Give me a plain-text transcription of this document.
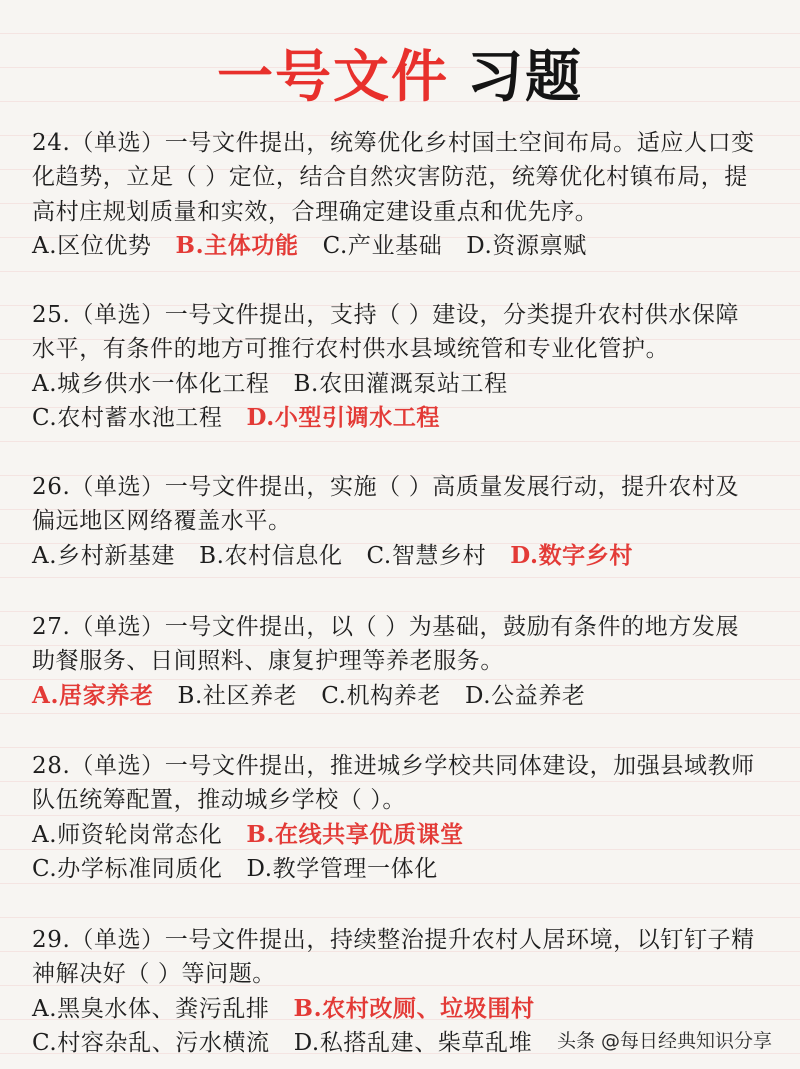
一号文件 习题
24.（单选）一号文件提出，统筹优化乡村国土空间布局。适应人口变
化趋势，立足（ ）定位，结合自然灾害防范，统筹优化村镇布局，提
高村庄规划质量和实效，合理确定建设重点和优先序。
A.区位优势 B.主体功能 C.产业基础 D.资源禀赋
25.（单选）一号文件提出，支持（ ）建设，分类提升农村供水保障
水平，有条件的地方可推行农村供水县域统管和专业化管护。
A.城乡供水一体化工程 B.农田灌溉泵站工程
C.农村蓄水池工程 D.小型引调水工程
26.（单选）一号文件提出，实施（ ）高质量发展行动，提升农村及
偏远地区网络覆盖水平。
A.乡村新基建 B.农村信息化 C.智慧乡村 D.数字乡村
27.（单选）一号文件提出，以（ ）为基础，鼓励有条件的地方发展
助餐服务、日间照料、康复护理等养老服务。
A.居家养老 B.社区养老 C.机构养老 D.公益养老
28.（单选）一号文件提出，推进城乡学校共同体建设，加强县域教师
队伍统筹配置，推动城乡学校（ ）。
A.师资轮岗常态化 B.在线共享优质课堂
C.办学标准同质化 D.教学管理一体化
29.（单选）一号文件提出，持续整治提升农村人居环境，以钉钉子精
神解决好（ ）等问题。
A.黑臭水体、粪污乱排 B.农村改厕、垃圾围村
C.村容杂乱、污水横流 D.私搭乱建、柴草乱堆	头条 @每日经典知识分享
